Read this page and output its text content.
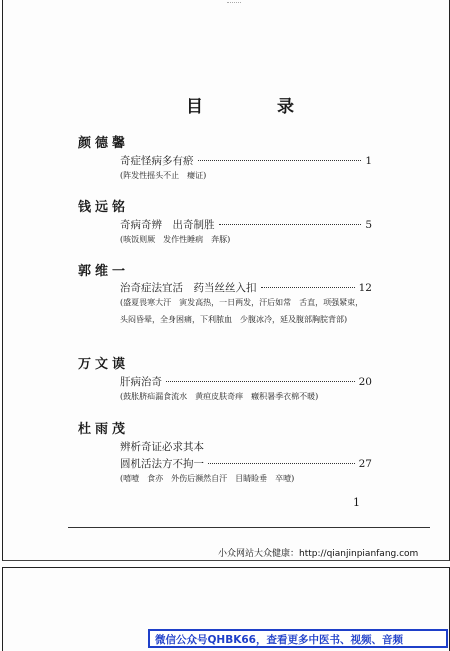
目 录
颜德馨
奇症怪病多有瘀	1
(阵发性摇头不止　瘿证)
钱远铭
奇病奇辨　出奇制胜	5
(咳饭则厥　发作性睡病　奔豚)
郭维一
治奇症法宜活　药当丝丝入扣	12
(盛夏畏寒大汗　寅发高热，一日两发，汗后如常　舌直，项强紧束，头闷昏晕，全身困痛，下利脓血　少腹冰冷，延及腹部胸脘背部)
万文谟
肝病治奇	20
(鼓胀脐疝漏食流水　黄疸皮肤奇痒　癥积暑季衣棉不暖)
杜雨茂
辨析奇证必求其本
圆机活法方不拘一	27
(嘻噎　食亦　外伤后濒然自汗　目睛睑垂　卒噎)
1
小众网站大众健康：http://qianjinpianfang.com
微信公众号QHBK66，查看更多中医书、视频、音频
